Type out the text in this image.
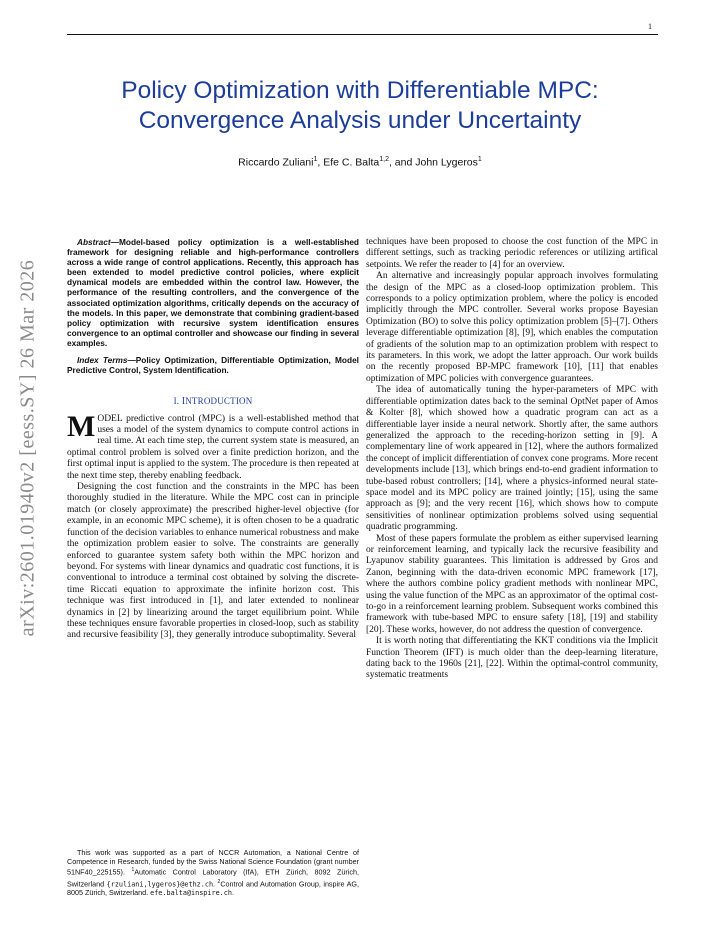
1
Policy Optimization with Differentiable MPC:
Convergence Analysis under Uncertainty
Riccardo Zuliani$^1$, Efe C. Balta$^{1,2}$, and John Lygeros$^1$
arXiv:2601.01940v2 [eess.SY] 26 Mar 2026

Abstract—Model-based policy optimization is a well-established framework for designing reliable and high-performance controllers across a wide range of control applications. Recently, this approach has been extended to model predictive control policies, where explicit dynamical models are embedded within the control law. However, the performance of the resulting controllers, and the convergence of the associated optimization algorithms, critically depends on the accuracy of the models. In this paper, we demonstrate that combining gradient-based policy optimization with recursive system identification ensures convergence to an optimal controller and showcase our finding in several examples.

Index Terms—Policy Optimization, Differentiable Optimization, Model Predictive Control, System Identification.

I. INTRODUCTION

MODEL predictive control (MPC) is a well-established method that uses a model of the system dynamics to compute control actions in real time. At each time step, the current system state is measured, an optimal control problem is solved over a finite prediction horizon, and the first optimal input is applied to the system. The procedure is then repeated at the next time step, thereby enabling feedback.

Designing the cost function and the constraints in the MPC has been thoroughly studied in the literature. While the MPC cost can in principle match (or closely approximate) the prescribed higher-level objective (for example, in an economic MPC scheme), it is often chosen to be a quadratic function of the decision variables to enhance numerical robustness and make the optimization problem easier to solve. The constraints are generally enforced to guarantee system safety both within the MPC horizon and beyond. For systems with linear dynamics and quadratic cost functions, it is conventional to introduce a terminal cost obtained by solving the discrete-time Riccati equation to approximate the infinite horizon cost. This technique was first introduced in [1], and later extended to nonlinear dynamics in [2] by linearizing around the target equilibrium point. While these techniques ensure favorable properties in closed-loop, such as stability and recursive feasibility [3], they generally introduce suboptimality. Several

techniques have been proposed to choose the cost function of the MPC in different settings, such as tracking periodic references or utilizing artifical setpoints. We refer the reader to [4] for an overview.

An alternative and increasingly popular approach involves formulating the design of the MPC as a closed-loop optimization problem. This corresponds to a policy optimization problem, where the policy is encoded implicitly through the MPC controller. Several works propose Bayesian Optimization (BO) to solve this policy optimization problem [5]–[7]. Others leverage differentiable optimization [8], [9], which enables the computation of gradients of the solution map to an optimization problem with respect to its parameters. In this work, we adopt the latter approach. Our work builds on the recently proposed BP-MPC framework [10], [11] that enables optimization of MPC policies with convergence guarantees.

The idea of automatically tuning the hyper-parameters of MPC with differentiable optimization dates back to the seminal OptNet paper of Amos & Kolter [8], which showed how a quadratic program can act as a differentiable layer inside a neural network. Shortly after, the same authors generalized the approach to the receding-horizon setting in [9]. A complementary line of work appeared in [12], where the authors formalized the concept of implicit differentiation of convex cone programs. More recent developments include [13], which brings end-to-end gradient information to tube-based robust controllers; [14], where a physics-informed neural state-space model and its MPC policy are trained jointly; [15], using the same approach as [9]; and the very recent [16], which shows how to compute sensitivities of nonlinear optimization problems solved using sequential quadratic programming.

Most of these papers formulate the problem as either supervised learning or reinforcement learning, and typically lack the recursive feasibility and Lyapunov stability guarantees. This limitation is addressed by Gros and Zanon, beginning with the data-driven economic MPC framework [17], where the authors combine policy gradient methods with nonlinear MPC, using the value function of the MPC as an approximator of the optimal cost-to-go in a reinforcement learning problem. Subsequent works combined this framework with tube-based MPC to ensure safety [18], [19] and stability [20]. These works, however, do not address the question of convergence.

It is worth noting that differentiating the KKT conditions via the Implicit Function Theorem (IFT) is much older than the deep-learning literature, dating back to the 1960s [21], [22]. Within the optimal-control community, systematic treatments

This work was supported as a part of NCCR Automation, a National Centre of Competence in Research, funded by the Swiss National Science Foundation (grant number 51NF40_225155). $^1$Automatic Control Laboratory (IfA), ETH Zürich, 8092 Zürich, Switzerland {rzuliani,lygeros}@ethz.ch. $^2$Control and Automation Group, inspire AG, 8005 Zürich, Switzerland. efe.balta@inspire.ch.
